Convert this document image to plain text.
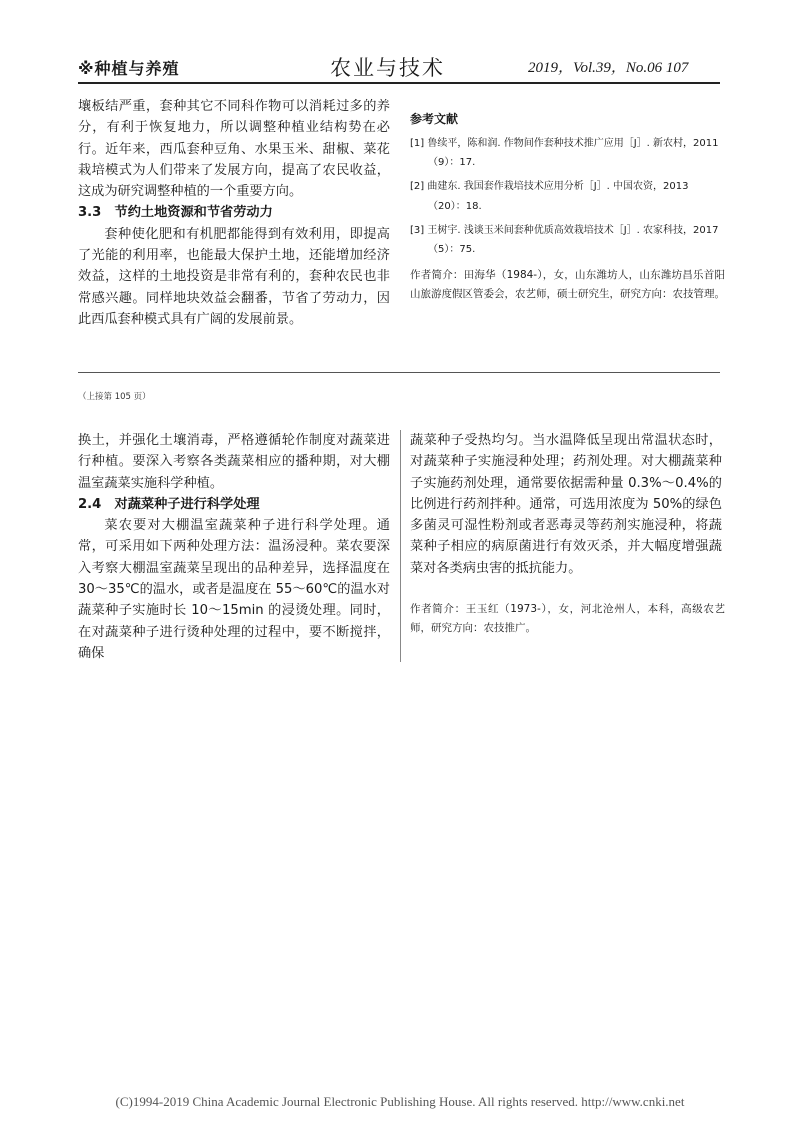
※种植与养殖	农业与技术	2019，Vol.39，No.06 107

壤板结严重，套种其它不同科作物可以消耗过多的养分，有利于恢复地力，所以调整种植业结构势在必行。近年来，西瓜套种豆角、水果玉米、甜椒、菜花栽培模式为人们带来了发展方向，提高了农民收益，这成为研究调整种植的一个重要方向。

3.3　节约土地资源和节省劳动力

套种使化肥和有机肥都能得到有效利用，即提高了光能的利用率，也能最大保护土地，还能增加经济效益，这样的土地投资是非常有利的，套种农民也非常感兴趣。同样地块效益会翻番，节省了劳动力，因此西瓜套种模式具有广阔的发展前景。

参考文献

[1] 鲁续平，陈和润. 作物间作套种技术推广应用［J］. 新农村，2011（9）：17.

[2] 曲建东. 我国套作栽培技术应用分析［J］. 中国农资，2013（20）：18.

[3] 王树宇. 浅谈玉米间套种优质高效栽培技术［J］. 农家科技，2017（5）：75.

作者简介：田海华（1984-），女，山东潍坊人，山东潍坊昌乐首阳山旅游度假区管委会，农艺师，硕士研究生，研究方向：农技管理。
（上接第 105 页）

换土，并强化土壤消毒，严格遵循轮作制度对蔬菜进行种植。要深入考察各类蔬菜相应的播种期，对大棚温室蔬菜实施科学种植。

2.4　对蔬菜种子进行科学处理

菜农要对大棚温室蔬菜种子进行科学处理。通常，可采用如下两种处理方法：温汤浸种。菜农要深入考察大棚温室蔬菜呈现出的品种差异，选择温度在 30～35℃的温水，或者是温度在 55～60℃的温水对蔬菜种子实施时长 10～15min 的浸烫处理。同时，在对蔬菜种子进行烫种处理的过程中，要不断搅拌，确保

蔬菜种子受热均匀。当水温降低呈现出常温状态时，对蔬菜种子实施浸种处理；药剂处理。对大棚蔬菜种子实施药剂处理，通常要依据需种量 0.3%～0.4%的比例进行药剂拌种。通常，可选用浓度为 50%的绿色多菌灵可湿性粉剂或者恶毒灵等药剂实施浸种，将蔬菜种子相应的病原菌进行有效灭杀，并大幅度增强蔬菜对各类病虫害的抵抗能力。

作者简介：王玉红（1973-），女，河北沧州人，本科，高级农艺师，研究方向：农技推广。
(C)1994-2019 China Academic Journal Electronic Publishing House. All rights reserved. http://www.cnki.net
